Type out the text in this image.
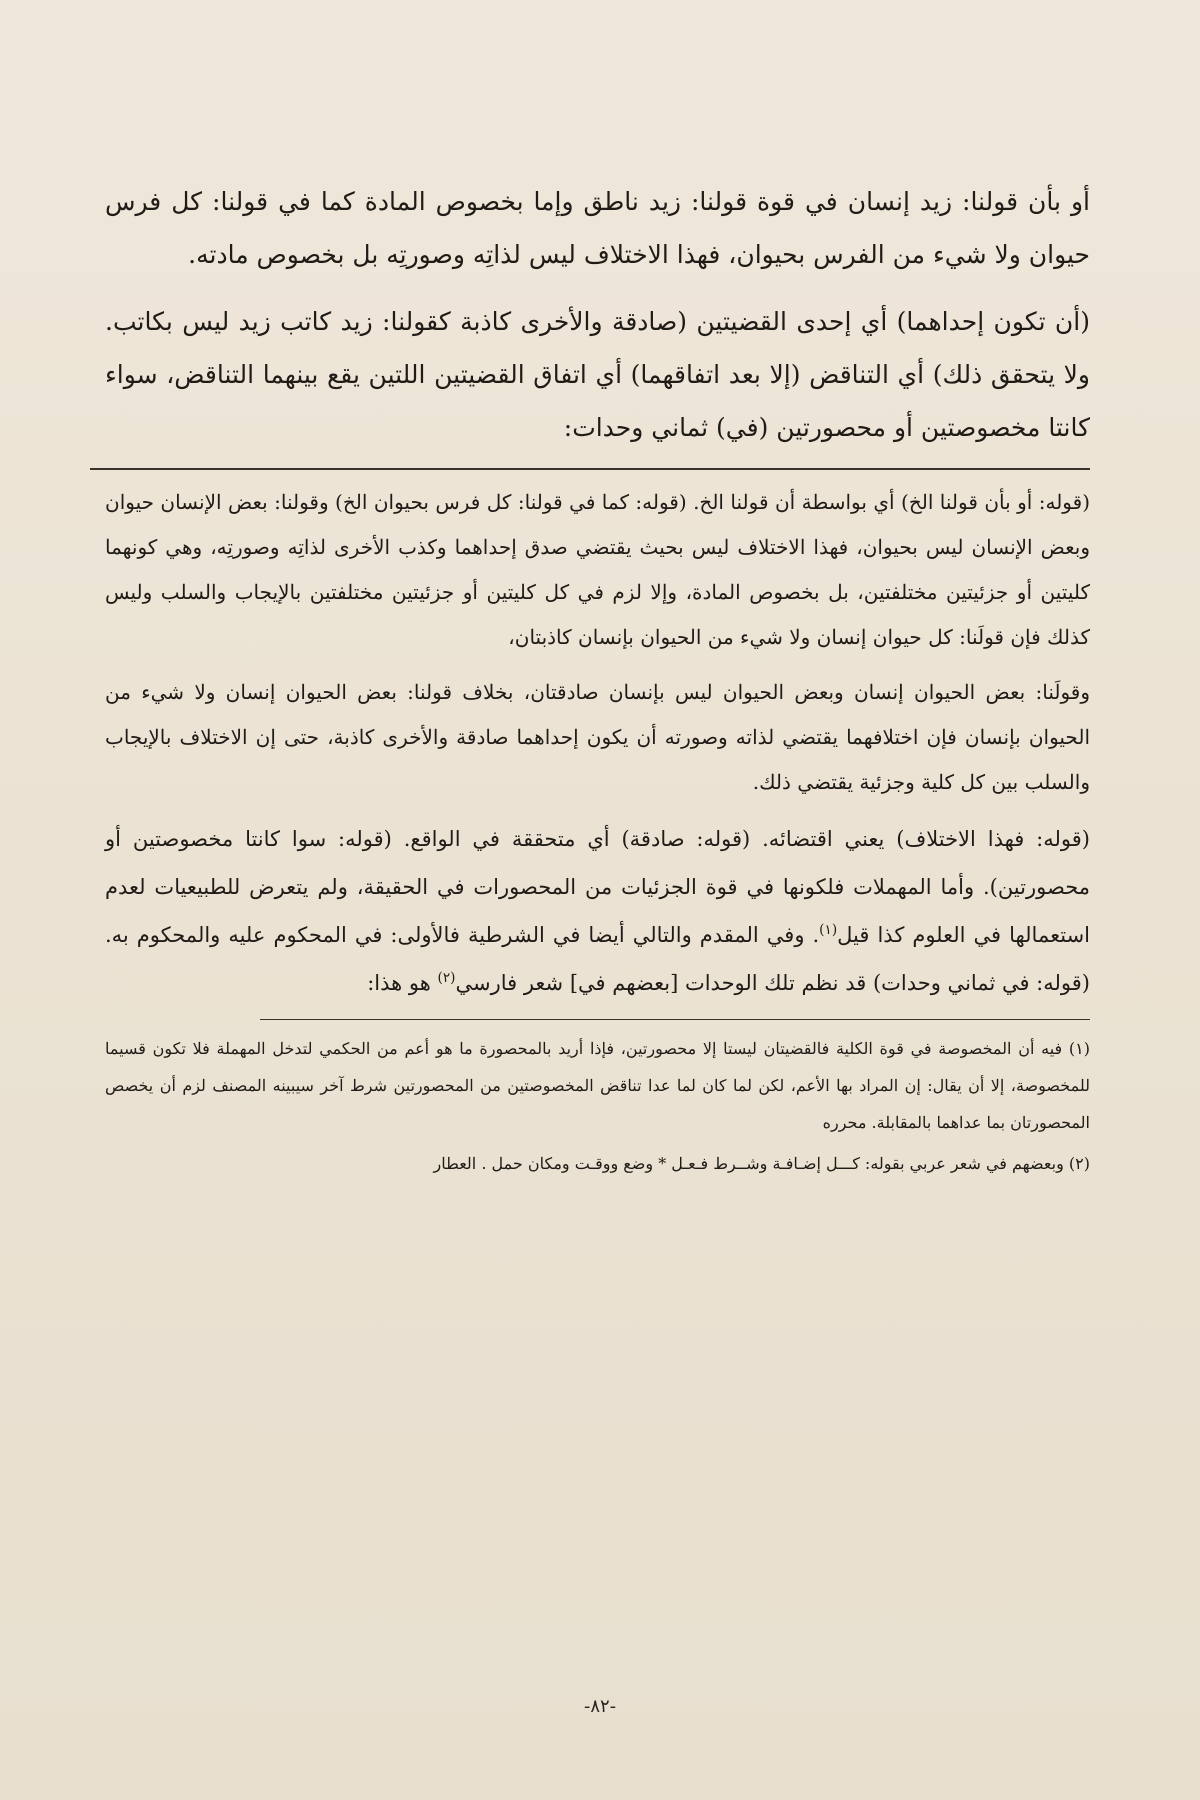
أو بأن قولنا: زيد إنسان في قوة قولنا: زيد ناطق وإما بخصوص المادة كما في قولنا: كل فرس حيوان ولا شيء من الفرس بحيوان، فهذا الاختلاف ليس لذاتِه وصورتِه بل بخصوص مادته.

(أن تكون إحداهما) أي إحدى القضيتين (صادقة والأخرى كاذبة كقولنا: زيد كاتب زيد ليس بكاتب. ولا يتحقق ذلك) أي التناقض (إلا بعد اتفاقهما) أي اتفاق القضيتين اللتين يقع بينهما التناقض، سواء كانتا مخصوصتين أو محصورتين (في) ثماني وحدات:

(قوله: أو بأن قولنا الخ) أي بواسطة أن قولنا الخ. (قوله: كما في قولنا: كل فرس بحيوان الخ) وقولنا: بعض الإنسان حيوان وبعض الإنسان ليس بحيوان، فهذا الاختلاف ليس بحيث يقتضي صدق إحداهما وكذب الأخرى لذاتِه وصورتِه، وهي كونهما كليتين أو جزئيتين مختلفتين، بل بخصوص المادة، وإلا لزم في كل كليتين أو جزئيتين مختلفتين بالإيجاب والسلب وليس كذلك فإن قولَنا: كل حيوان إنسان ولا شيء من الحيوان بإنسان كاذبتان،

وقولَنا: بعض الحيوان إنسان وبعض الحيوان ليس بإنسان صادقتان، بخلاف قولنا: بعض الحيوان إنسان ولا شيء من الحيوان بإنسان فإن اختلافهما يقتضي لذاته وصورته أن يكون إحداهما صادقة والأخرى كاذبة، حتى إن الاختلاف بالإيجاب والسلب بين كل كلية وجزئية يقتضي ذلك.

(قوله: فهذا الاختلاف) يعني اقتضائه. (قوله: صادقة) أي متحققة في الواقع. (قوله: سوا كانتا مخصوصتين أو محصورتين). وأما المهملات فلكونها في قوة الجزئيات من المحصورات في الحقيقة، ولم يتعرض للطبيعيات لعدم استعمالها في العلوم كذا قيل$^{(١)}$. وفي المقدم والتالي أيضا في الشرطية فالأولى: في المحكوم عليه والمحكوم به. (قوله: في ثماني وحدات) قد نظم تلك الوحدات [بعضهم في] شعر فارسي$^{(٢)}$ هو هذا:

(١) فيه أن المخصوصة في قوة الكلية فالقضيتان ليستا إلا محصورتين، فإذا أريد بالمحصورة ما هو أعم من الحكمي لتدخل المهملة فلا تكون قسيما للمخصوصة، إلا أن يقال: إن المراد بها الأعم، لكن لما كان لما عدا تناقض المخصوصتين من المحصورتين شرط آخر سيبينه المصنف لزم أن يخصص المحصورتان بما عداهما بالمقابلة. محرره

(٢) وبعضهم في شعر عربي بقوله: كـــل إضـافـة وشــرط فـعـل * وضع ووقـت ومكان حمل . العطار

-٨٢-
